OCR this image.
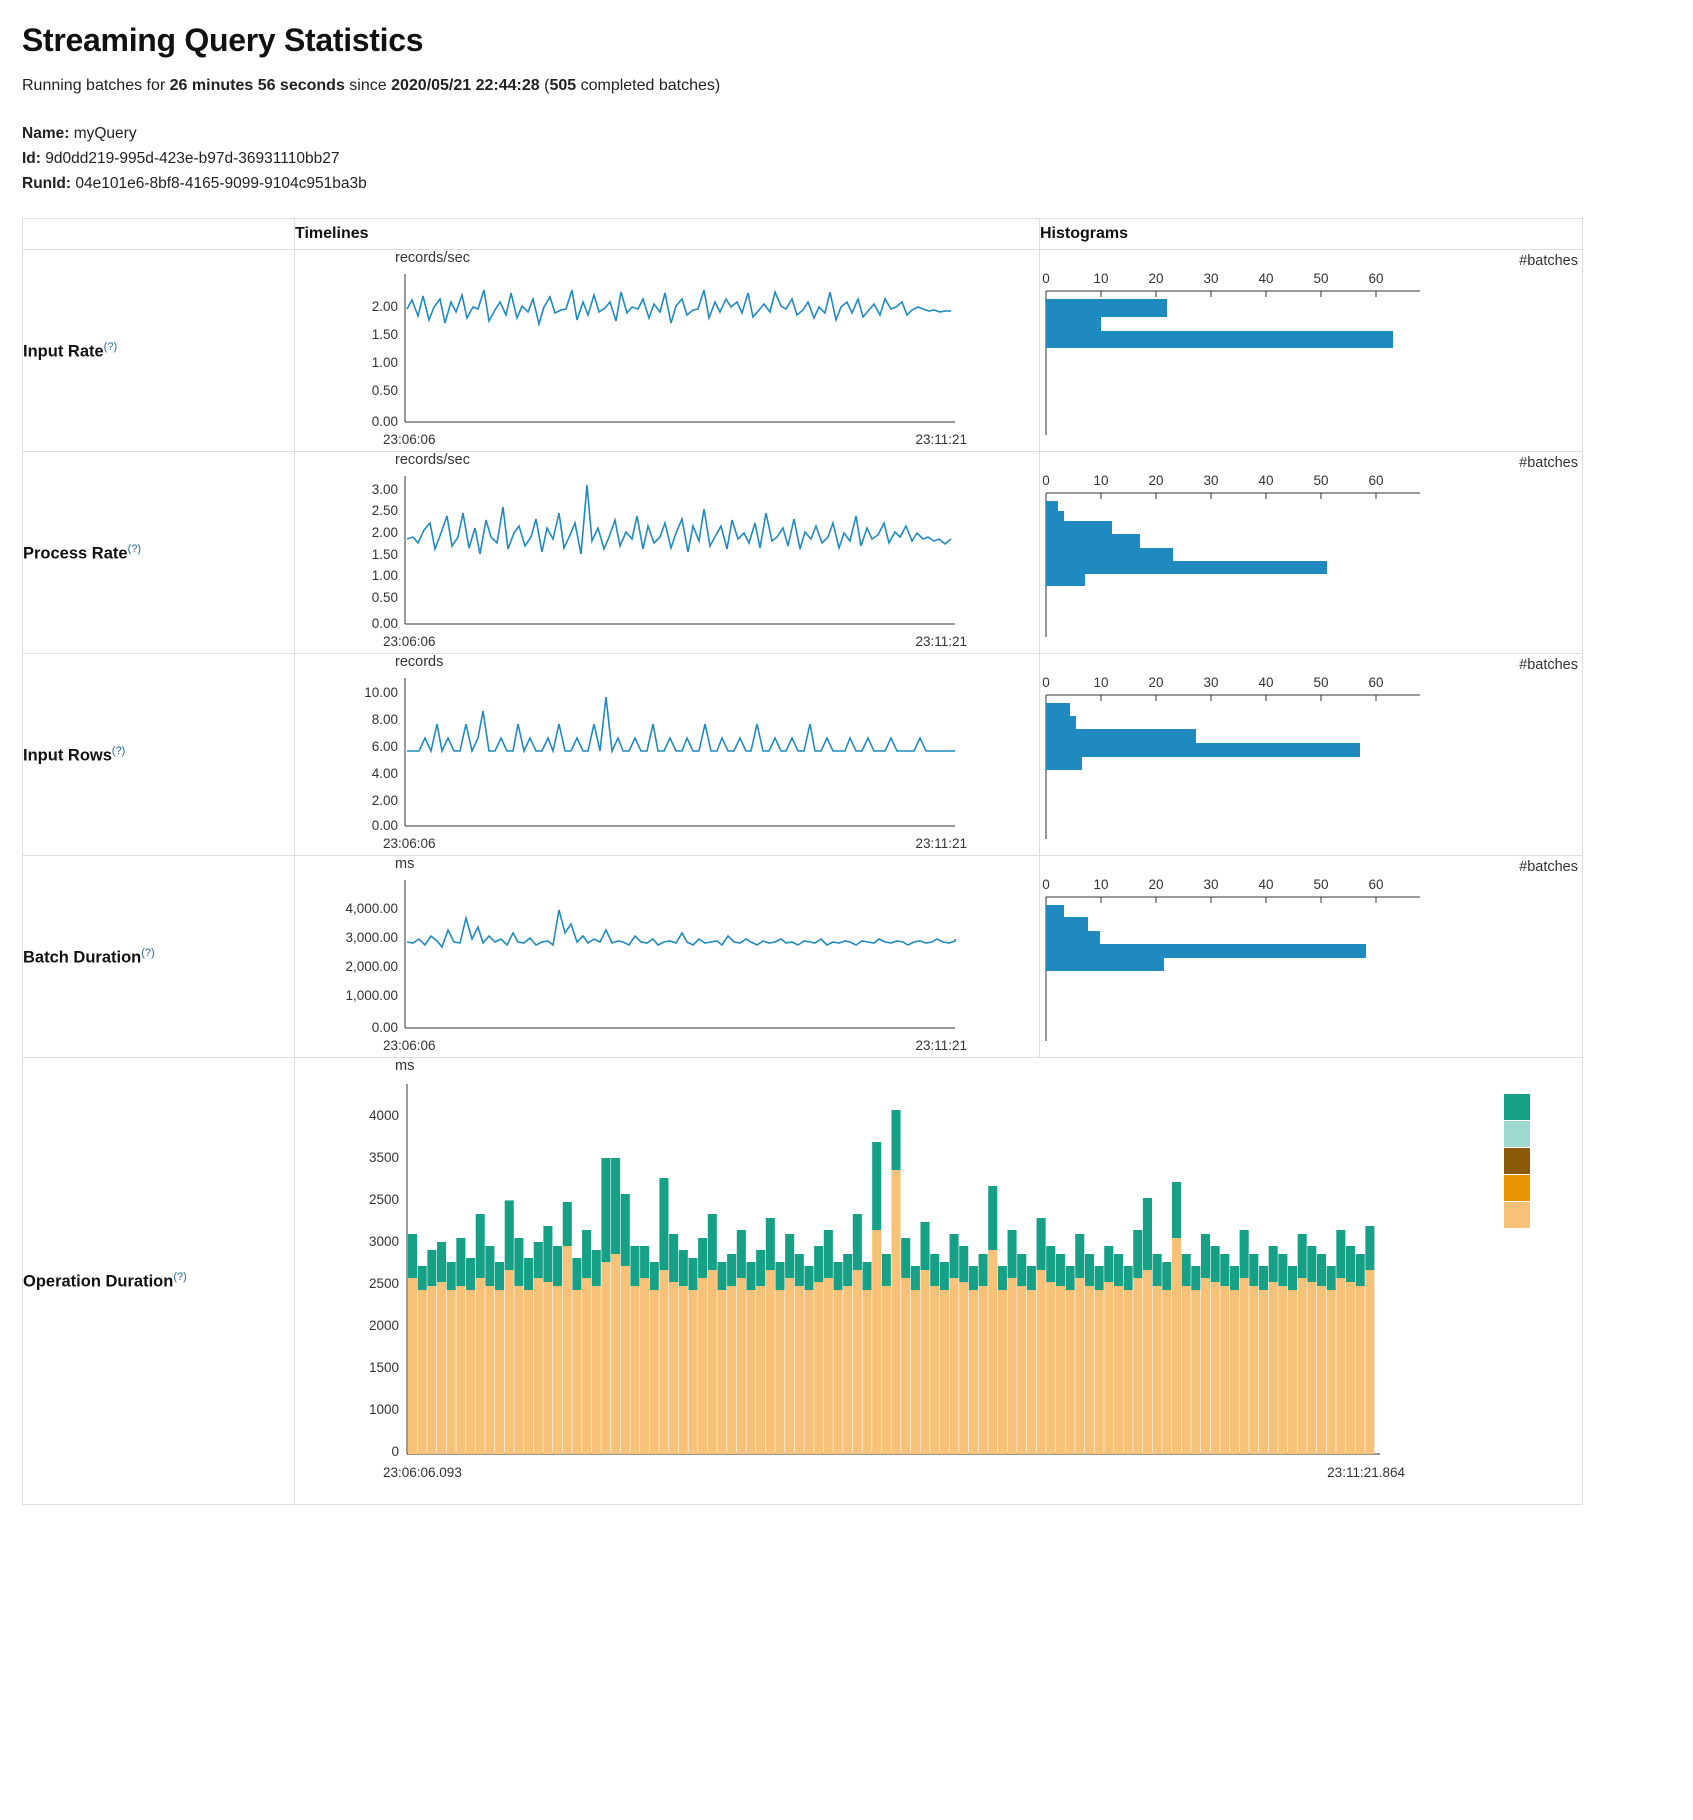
Streaming Query Statistics
Running batches for 26 minutes 56 seconds since 2020/05/21 22:44:28 (505 completed batches)
Name: myQuery
Id: 9d0dd219-995d-423e-b97d-36931110bb27
RunId: 04e101e6-8bf8-4165-9099-9104c951ba3b
	Timelines	Histograms
Input Rate(?)	
records/sec
2.00
1.50
1.00
0.50
0.00
23:06:06	23:11:21

#batches
0	10	20	30	40	50	60

Process Rate(?)	
records/sec
3.00
2.50
2.00
1.50
1.00
0.50
0.00
23:06:06	23:11:21

#batches
0	10	20	30	40	50	60

Input Rows(?)	
records
10.00
8.00
6.00
4.00
2.00
0.00
23:06:06	23:11:21

#batches
0	10	20	30	40	50	60

Batch Duration(?)	
ms
4,000.00
3,000.00
2,000.00
1,000.00
0.00
23:06:06	23:11:21

#batches
0	10	20	30	40	50	60

Operation Duration(?)	
ms
4000
3500
2500
3000
2500
2000
1500
1000
0
23:06:06.093	23:11:21.864
